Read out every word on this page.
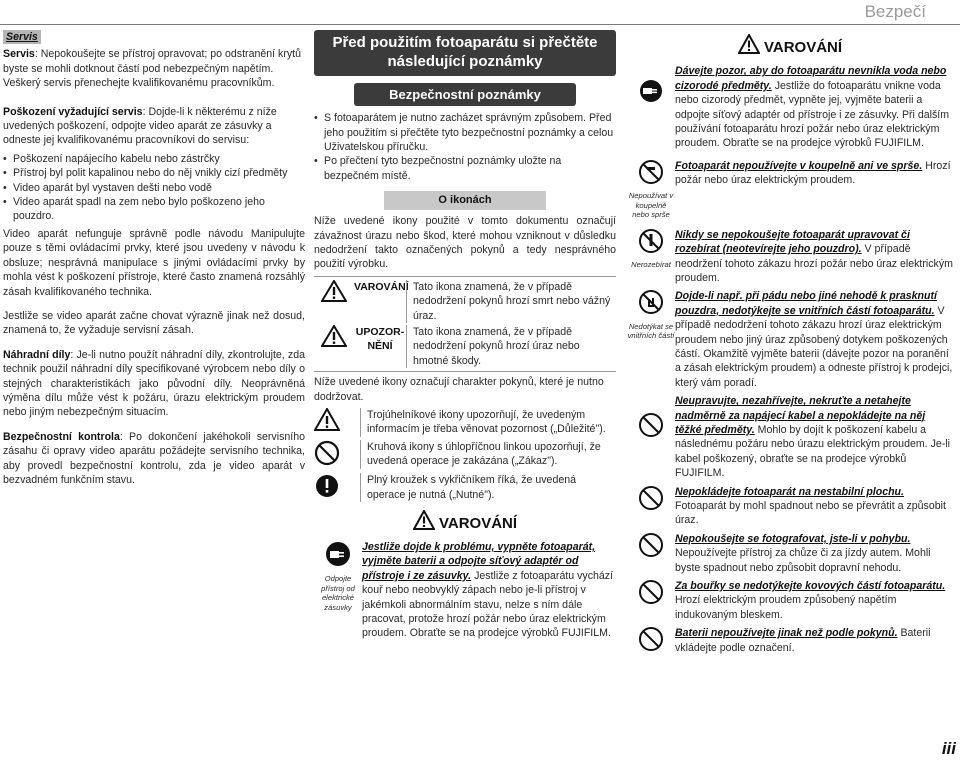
Bezpečí
Servis

Servis: Nepokoušejte se přístroj opravovat; po odstranění krytů byste se mohli dotknout částí pod nebezpečným napětím. Veškerý servis přenechejte kvalifikovanému pracovníkům.

Poškození vyžadující servis: Dojde-li k některému z níže uvedených poškození, odpojte video aparát ze zásuvky a odneste jej kvalifikovanému pracovníkovi do servisu:

• Poškození napájecího kabelu nebo zástrčky
• Přístroj byl polit kapalinou nebo do něj vnikly cizí předměty
• Video aparát byl vystaven dešti nebo vodě
• Video aparát spadl na zem nebo bylo poškozeno jeho pouzdro.

Video aparát nefunguje správně podle návodu Manipulujte pouze s těmi ovládacími prvky, které jsou uvedeny v návodu k obsluze; nesprávná manipulace s jinými ovládacími prvky by mohla vést k poškození přístroje, které často znamená rozsáhlý zásah kvalifikovaného technika.

Jestliže se video aparát začne chovat výrazně jinak než dosud, znamená to, že vyžaduje servisní zásah.

Náhradní díly: Je-li nutno použít náhradní díly, zkontrolujte, zda technik použil náhradní díly specifikované výrobcem nebo díly o stejných charakteristikách jako původní díly. Neoprávněná výměna dílu může vést k požáru, úrazu elektrickým proudem nebo jiným nebezpečným situacím.

Bezpečnostní kontrola: Po dokončení jakéhokoli servisního zásahu či opravy video aparátu požádejte servisního technika, aby provedl bezpečnostní kontrolu, zda je video aparát v bezvadném funkčním stavu.

Před použitím fotoaparátu si přečtěte následující poznámky
Bezpečnostní poznámky
• S fotoaparátem je nutno zacházet správným způsobem. Před jeho použitím si přečtěte tyto bezpečnostní poznámky a celou Uživatelskou příručku.
• Po přečtení tyto bezpečnostní poznámky uložte na bezpečném místě.
O ikonách

Níže uvedené ikony použité v tomto dokumentu označují závažnost úrazu nebo škod, které mohou vzniknout v důsledku nedodržení takto označených pokynů a tedy nesprávného použití výrobku.

VAROVÁNÍ Tato ikona znamená, že v případě nedodržení pokynů hrozí smrt nebo vážný úraz.
UPOZOR-NĚNÍ
Tato ikona znamená, že v případě nedodržení pokynů hrozí úraz nebo hmotné škody.

Níže uvedené ikony označují charakter pokynů, které je nutno dodržovat.

Trojúhelníkové ikony upozorňují, že uvedeným informacím je třeba věnovat pozornost („Důležité").
Kruhová ikony s úhlopříčnou linkou upozorňují, že uvedená operace je zakázána („Zákaz").
Plný kroužek s vykřičníkem říká, že uvedená operace je nutná („Nutné").
VAROVÁNÍ
Odpojte přístroj od elektrické zásuvky
Jestliže dojde k problému, vypněte fotoaparát, vyjměte baterii a odpojte síťový adaptér od přístroje i ze zásuvky. Jestliže z fotoaparátu vychází kouř nebo neobvyklý zápach nebo je-li přístroj v jakémkoli abnormálním stavu, nelze s ním dále pracovat, protože hrozí požár nebo úraz elektrickým proudem. Obraťte se na prodejce výrobků FUJIFILM.
VAROVÁNÍ
Dávejte pozor, aby do fotoaparátu nevnikla voda nebo cizorodé předměty. Jestliže do fotoaparátu vnikne voda nebo cizorodý předmět, vypněte jej, vyjměte baterii a odpojte síťový adaptér od přístroje i ze zásuvky. Při dalším používání fotoaparátu hrozí požár nebo úraz elektrickým proudem. Obraťte se na prodejce výrobků FUJIFILM.
Nepoužívat v koupelně nebo sprše
Fotoaparát nepoužívejte v koupelně ani ve sprše. Hrozí požár nebo úraz elektrickým proudem.
Nerozebírat
Nikdy se nepokoušejte fotoaparát upravovat či rozebírat (neotevírejte jeho pouzdro). V případě neodržení tohoto zákazu hrozí požár nebo úraz elektrickým proudem.
Nedotýkat se vnitřních částí
Dojde-li např. při pádu nebo jiné nehodě k prasknutí pouzdra, nedotýkejte se vnitřních částí fotoaparátu. V případě nedodržení tohoto zákazu hrozí úraz elektrickým proudem nebo jiný úraz způsobený dotykem poškozených částí. Okamžitě vyjměte baterii (dávejte pozor na poranění a zásah elektrickým proudem) a odneste přístroj k prodejci, který vám poradí.
Neupravujte, nezahřívejte, nekruťte a netahejte nadměrně za napájecí kabel a nepokládejte na něj těžké předměty. Mohlo by dojít k poškození kabelu a následnému požáru nebo úrazu elektrickým proudem. Je-li kabel poškozený, obraťte se na prodejce výrobků FUJIFILM.
Nepokládejte fotoaparát na nestabilní plochu. Fotoaparát by mohl spadnout nebo se převrátit a způsobit úraz.
Nepokoušejte se fotografovat, jste-li v pohybu. Nepoužívejte přístroj za chůze či za jízdy autem. Mohli byste spadnout nebo způsobit dopravní nehodu.
Za bouřky se nedotýkejte kovových částí fotoaparátu. Hrozí elektrickým proudem způsobený napětím indukovaným bleskem.
Baterii nepoužívejte jinak než podle pokynů. Baterii vkládejte podle označení.
iii
